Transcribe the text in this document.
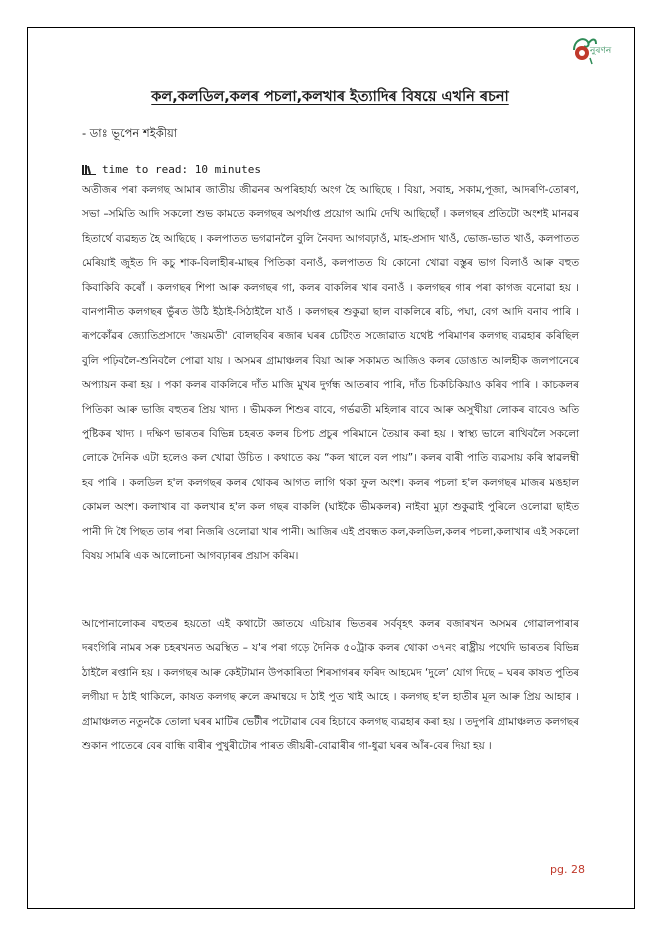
নুৰণন
কল,কলডিল,কলৰ পচলা,কলখাৰ ইত্যাদিৰ বিষয়ে এখনি ৰচনা
- ডাঃ ভূপেন শইকীয়া
time to read: 10 minutes

অতীজৰ পৰা কলগছ আমাৰ জাতীয় জীৱনৰ অপৰিহাৰ্য্য অংগ হৈ আছিছে । বিয়া, সবাহ, সকাম,পূজা, আদৰণি-তোৰণ, সভা –সমিতি আদি সকলো শুভ কামতে কলগছৰ অপৰ্যাপ্ত প্ৰয়োগ আমি দেখি আছিছোঁ । কলগছৰ প্ৰতিটো অংশই মানৱৰ হিতাৰ্থে ব্যৱহৃত হৈ আছিছে । কলপাতত ভগৱানলৈ বুলি নৈবদ্য আগবঢ়াওঁ, মাহ-প্ৰসাদ খাওঁ, ভোজ-ভাত খাওঁ, কলপাতত মেৰিয়াই জুইত দি কচু শাক-বিলাহীৰ-মাছৰ পিতিকা বনাওঁ, কলপাতত যি কোনো খোৱা বস্তুৰ ভাগ বিলাওঁ আৰু বহুত কিবাকিবি কৰোঁ । কলগছৰ শিপা আৰু কলগছৰ গা, কলৰ বাকলিৰ খাৰ বনাওঁ । কলগছৰ গাৰ পৰা কাগজ বনোৱা হয় । বানপানীত কলগছৰ ভুঁৰত উঠি ইঠাই-সিঠাইলৈ যাওঁ । কলগছৰ শুকুৱা ছাল বাকলিৰে ৰচি, পঘা, বেগ আদি বনাব পাৰি । ৰূপকোঁৱৰ জ্যোতিপ্ৰসাদে 'জয়মতী' বোলছবিৰ ৰজাৰ ঘৰৰ চেটিংত সজোৱাত যথেষ্ট পৰিমাণৰ কলগছ ব্যৱহাৰ কৰিছিল বুলি পঢ়িবলৈ-শুনিবলৈ পোৱা যায় । অসমৰ গ্ৰামাঞ্চলৰ বিয়া আৰু সকামত আজিও কলৰ ডোঙাত আলহীক জলপানেৰে অপ্যায়ন কৰা হয় । পকা কলৰ বাকলিৰে দাঁত মাজি মুখৰ দুৰ্গন্ধ আতৰাব পাৰি, দাঁত চিকচিকিয়াও কৰিব পাৰি । কাচকলৰ পিতিকা আৰু ভাজি বহুতৰ প্ৰিয় খাদ্য । ভীমকল শিশুৰ বাবে, গৰ্ভৱতী মহিলাৰ বাবে আৰু অসুখীয়া লোকৰ বাবেও অতি পুষ্টিকৰ খাদ্য । দক্ষিণ ভাৰতৰ বিভিন্ন চহৰত কলৰ চিপচ প্ৰচুৰ পৰিমানে তৈয়াৰ কৰা হয় । স্বাস্থ্য ভালে ৰাখিবলৈ সকলো লোকে দৈনিক এটা হলেও কল খোৱা উচিত । কথাতে কয় “কল খালে বল পায়”। কলৰ বাৰী পাতি ব্যৱসায় কৰি স্বাৱলম্বী হব পাৰি । কলডিল হ'ল কলগছৰ কলৰ থোকৰ আগত লাগি থকা ফুল অংশ। কলৰ পচলা হ'ল কলগছৰ মাজৰ মঙহাল কোমল অংশ। কলাখাৰ বা কলখাৰ হ'ল কল গছৰ বাকলি (ঘাইকৈ ভীমকলৰ) নাইবা মুঢ়া শুকুৱাই পুৰিলে ওলোৱা ছাইত পানী দি ধৈ পিছত তাৰ পৰা নিজৰি ওলোৱা খাৰ পানী। আজিৰ এই প্ৰবন্ধত কল,কলডিল,কলৰ পচলা,কলাখাৰ এই সকলো বিষয় সামৰি এক আলোচনা আগবঢ়াৰৰ প্ৰয়াস কৰিম।

আপোনালোকৰ বহুতৰ হয়তো এই কথাটো জ্ঞাতযে এচিয়াৰ ভিতৰৰ সৰ্ববৃহৎ কলৰ বজাৰখন অসমৰ গোৱালপাৰাৰ দৰংগিৰি নামৰ সৰু চহৰখনত অৱস্থিত – য'ৰ পৰা গড়ে দৈনিক ৫০ট্ৰাক কলৰ থোকা ৩৭নং ৰাষ্ট্ৰীয় পথেদি ভাৰতৰ বিভিন্ন ঠাইলৈ ৰপ্তানি হয় । কলগছৰ আৰু কেইটামান উপকাৰিতা শিৰসাগৰৰ ফৰিদ আহমেদ ‘দুলে’ যোগ দিছে – ঘৰৰ কাষত পুতিৰ লগীয়া দ ঠাই থাকিলে, কাষত কলগছ ৰুলে ক্ৰমান্বয়ে দ ঠাই পুত খাই আহে । কলগছ হ'ল হাতীৰ মূল আৰু প্ৰিয় আহাৰ । গ্ৰামাঞ্চলত নতুনকৈ তোলা ঘৰৰ মাটিৰ ভেটীৰ পটোৱাৰ বেৰ হিচাবে কলগছ ব্যৱহাৰ কৰা হয় । তদুপৰি গ্ৰামাঞ্চলত কলগছৰ শুকান পাতেৰে বেৰ বান্ধি বাৰীৰ পুখুৰীটোৰ পাৰত জীয়ৰী-বোৱাৰীৰ গা-ধুৱা ঘৰৰ আঁৰ-বেৰ দিয়া হয় ।

pg. 28
